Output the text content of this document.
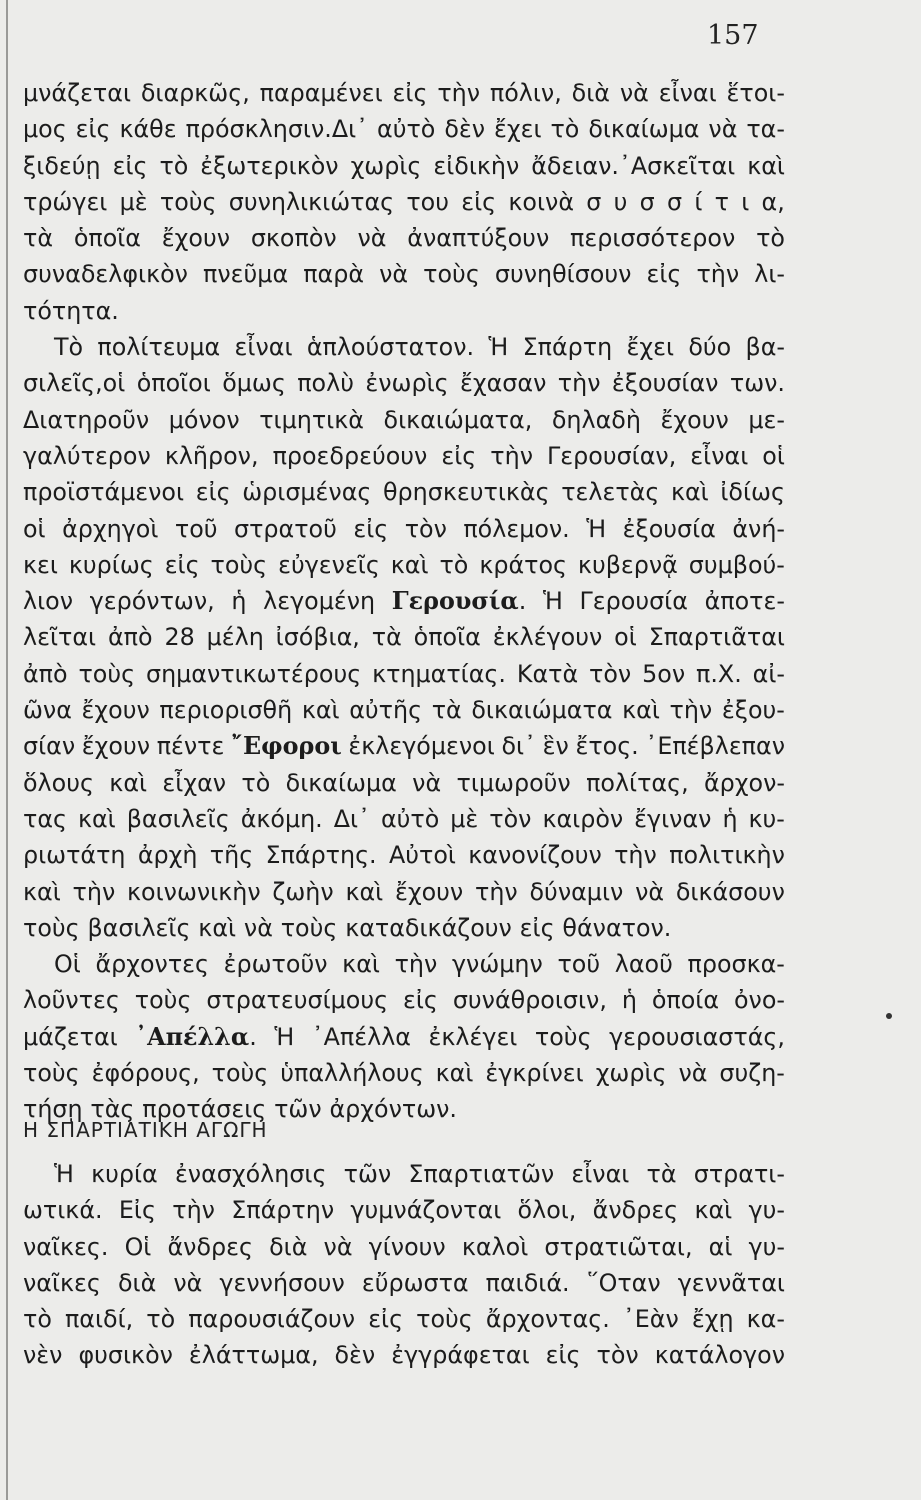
157
μνάζεται διαρκῶς, παραμένει εἰς τὴν πόλιν, διὰ νὰ εἶναι ἕτοι-
μος εἰς κάθε πρόσκλησιν.Δι᾽ αὐτὸ δὲν ἔχει τὸ δικαίωμα νὰ τα-
ξιδεύῃ εἰς τὸ ἐξωτερικὸν χωρὶς εἰδικὴν ἄδειαν.᾽Ασκεῖται καὶ
τρώγει μὲ τοὺς συνηλικιώτας του εἰς κοινὰ σ υ σ σ ί τ ι α,
τὰ ὁποῖα ἔχουν σκοπὸν νὰ ἀναπτύξουν περισσότερον τὸ
συναδελφικὸν πνεῦμα παρὰ νὰ τοὺς συνηθίσουν εἰς τὴν λι-
τότητα.
Τὸ πολίτευμα εἶναι ἁπλούστατον. Ἡ Σπάρτη ἔχει δύο βα-
σιλεῖς,οἱ ὁποῖοι ὅμως πολὺ ἐνωρὶς ἔχασαν τὴν ἐξουσίαν των.
Διατηροῦν μόνον τιμητικὰ δικαιώματα, δηλαδὴ ἔχουν με-
γαλύτερον κλῆρον, προεδρεύουν εἰς τὴν Γερουσίαν, εἶναι οἱ
προϊστάμενοι εἰς ὡρισμένας θρησκευτικὰς τελετὰς καὶ ἰδίως
οἱ ἀρχηγοὶ τοῦ στρατοῦ εἰς τὸν πόλεμον. Ἡ ἐξουσία ἀνή-
κει κυρίως εἰς τοὺς εὐγενεῖς καὶ τὸ κράτος κυβερνᾷ συμβού-
λιον γερόντων, ἡ λεγομένη Γερουσία. Ἡ Γερουσία ἀποτε-
λεῖται ἀπὸ 28 μέλη ἰσόβια, τὰ ὁποῖα ἐκλέγουν οἱ Σπαρτιᾶται
ἀπὸ τοὺς σημαντικωτέρους κτηματίας. Κατὰ τὸν 5ον π.Χ. αἰ-
ῶνα ἔχουν περιορισθῆ καὶ αὐτῆς τὰ δικαιώματα καὶ τὴν ἐξου-
σίαν ἔχουν πέντε ῎Εφοροι ἐκλεγόμενοι δι᾽ ἓν ἔτος. ᾽Επέβλεπαν
ὅλους καὶ εἶχαν τὸ δικαίωμα νὰ τιμωροῦν πολίτας, ἄρχον-
τας καὶ βασιλεῖς ἀκόμη. Δι᾽ αὐτὸ μὲ τὸν καιρὸν ἔγιναν ἡ κυ-
ριωτάτη ἀρχὴ τῆς Σπάρτης. Αὐτοὶ κανονίζουν τὴν πολιτικὴν
καὶ τὴν κοινωνικὴν ζωὴν καὶ ἔχουν τὴν δύναμιν νὰ δικάσουν
τοὺς βασιλεῖς καὶ νὰ τοὺς καταδικάζουν εἰς θάνατον.
Οἱ ἄρχοντες ἐρωτοῦν καὶ τὴν γνώμην τοῦ λαοῦ προσκα-
λοῦντες τοὺς στρατευσίμους εἰς συνάθροισιν, ἡ ὁποία ὀνο-
μάζεται ᾽Απέλλα. Ἡ ᾽Απέλλα ἐκλέγει τοὺς γερουσιαστάς,
τοὺς ἐφόρους, τοὺς ὑπαλλήλους καὶ ἐγκρίνει χωρὶς νὰ συζη-
τήσῃ τὰς προτάσεις τῶν ἀρχόντων.
Η ΣΠΑΡΤΙΑΤΙΚΗ ΑΓΩΓΗ
Ἡ κυρία ἐνασχόλησις τῶν Σπαρτιατῶν εἶναι τὰ στρατι-
ωτικά. Εἰς τὴν Σπάρτην γυμνάζονται ὅλοι, ἄνδρες καὶ γυ-
ναῖκες. Οἱ ἄνδρες διὰ νὰ γίνουν καλοὶ στρατιῶται, αἱ γυ-
ναῖκες διὰ νὰ γεννήσουν εὔρωστα παιδιά. ῞Οταν γεννᾶται
τὸ παιδί, τὸ παρουσιάζουν εἰς τοὺς ἄρχοντας. ᾽Εὰν ἔχῃ κα-
νὲν φυσικὸν ἐλάττωμα, δὲν ἐγγράφεται εἰς τὸν κατάλογον
